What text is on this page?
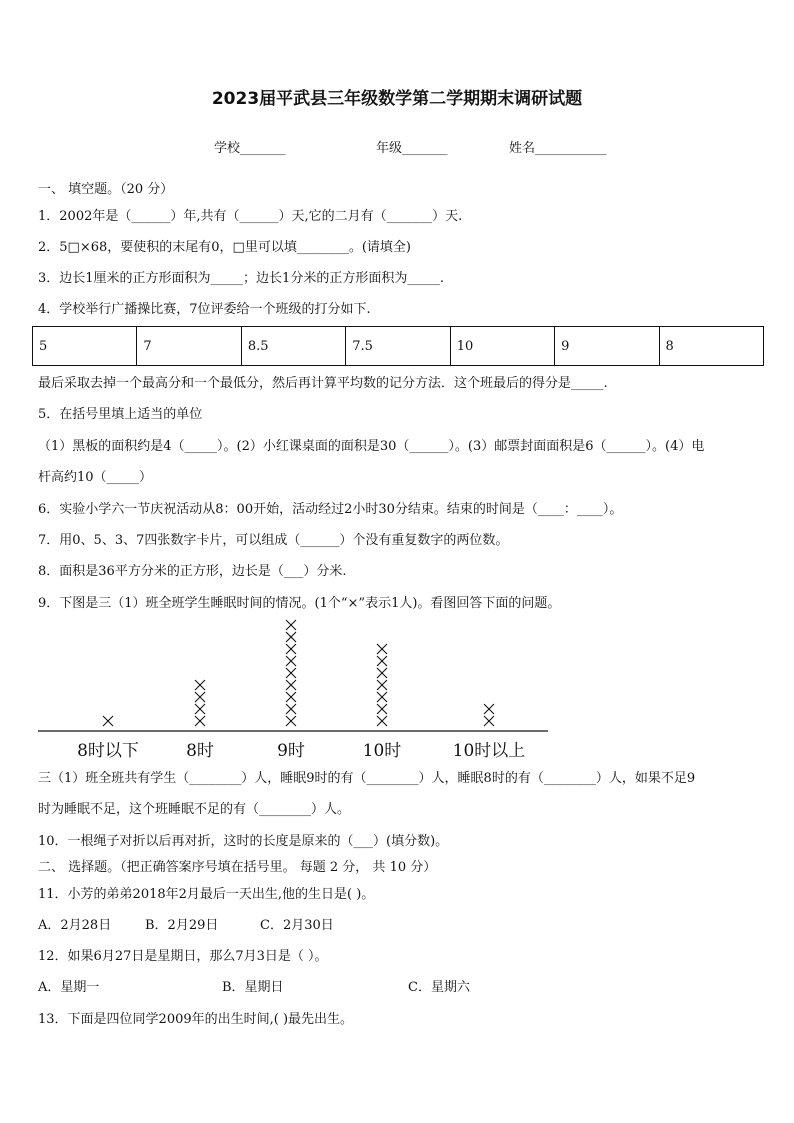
2023届平武县三年级数学第二学期期末调研试题
学校_______	年级_______	姓名___________
一、 填空题。（20 分）
1．2002年是（______）年,共有（______）天,它的二月有（_______）天.
2．5□×68，要使积的末尾有0，□里可以填________。(请填全)
3．边长1厘米的正方形面积为_____；边长1分米的正方形面积为_____.
4．学校举行广播操比赛，7位评委给一个班级的打分如下.
5	7	8.5	7.5	10	9	8
最后采取去掉一个最高分和一个最低分，然后再计算平均数的记分方法．这个班最后的得分是_____.
5．在括号里填上适当的单位
（1）黑板的面积约是4（_____）。(2）小红课桌面的面积是30（______）。(3）邮票封面面积是6（______）。(4）电
杆高约10（_____）
6．实验小学六一节庆祝活动从8：00开始，活动经过2小时30分结束。结束的时间是（____：____）。
7．用0、5、3、7四张数字卡片，可以组成（______）个没有重复数字的两位数。
8．面积是36平方分米的正方形，边长是（___）分米.
9．下图是三（1）班全班学生睡眠时间的情况。(1个“×”表示1人)。看图回答下面的问题。
8时以下	8时	9时	10时	10时以上
三（1）班全班共有学生（________）人，睡眠9时的有（________）人，睡眠8时的有（________）人，如果不足9
时为睡眠不足，这个班睡眠不足的有（________）人。
10．一根绳子对折以后再对折，这时的长度是原来的（___）(填分数)。
二、 选择题。（把正确答案序号填在括号里。 每题 2 分， 共 10 分）
11．小芳的弟弟2018年2月最后一天出生,他的生日是( )。
A．2月28日	B．2月29日	C．2月30日
12．如果6月27日是星期日，那么7月3日是（ ）。
A．星期一	B．星期日	C．星期六
13．下面是四位同学2009年的出生时间,( )最先出生。
